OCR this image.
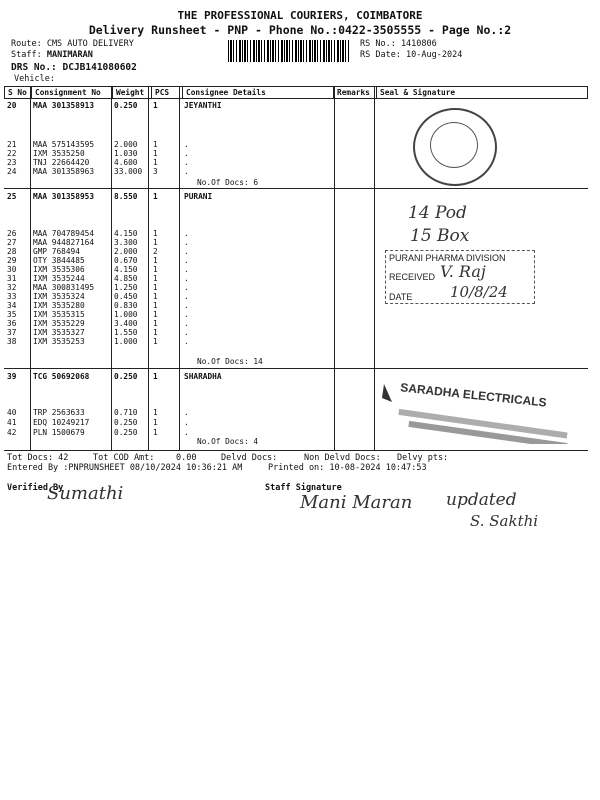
THE PROFESSIONAL COURIERS, COIMBATORE
Delivery Runsheet - PNP - Phone No.:0422-3505555 - Page No.:2
Route: CMS AUTO DELIVERY
Staff: MANIMARAN
DRS No.: DCJB141080602
Vehicle:
RS No.: 1410806
RS Date: 10-Aug-2024
S No	Consignment No	Weight	PCS	Consignee Details	Remarks	Seal & Signature
20 MAA 301358913	0.250 1	JEYANTHI
21 MAA 575143595	2.000 1	.
22 IXM 3535250	1.030 1	.
23 TNJ 22664420	4.600 1	.
24 MAA 301358963	33.000 3	.
No.Of Docs: 6
25 MAA 301358953	8.550 1	PURANI
26 MAA 704789454	4.150 1	.
27 MAA 944827164	3.300 1	.
28 GMP 768494	2.000 2	.
29 OTY 3844485	0.670 1	.
30 IXM 3535306	4.150 1	.
31 IXM 3535244	4.850 1	.
32 MAA 300831495	1.250 1	.
33 IXM 3535324	0.450 1	.
34 IXM 3535280	0.830 1	.
35 IXM 3535315	1.000 1	.
36 IXM 3535229	3.400 1	.
37 IXM 3535327	1.550 1	.
38 IXM 3535253	1.000 1	.
No.Of Docs: 14
39 TCG 50692068	0.250 1	SHARADHA
40 TRP 2563633	0.710 1	.
41 EDQ 10249217	0.250 1	.
42 PLN 1500679	0.250 1	.
No.Of Docs: 4
14 Pod
15 Box
PURANI PHARMA DIVISION
RECEIVED
DATE
V. Raj
10/8/24
SARADHA ELECTRICALS
Tot Docs: 42	Tot COD Amt:	0.00	Delvd Docs:	Non Delvd Docs: Delvy pts:
Entered By :PNPRUNSHEET 08/10/2024 10:36:21 AM	Printed on: 10-08-2024 10:47:53
Verified By
Sumathi	Staff Signature
Mani Maran updated
S. Sakthi
